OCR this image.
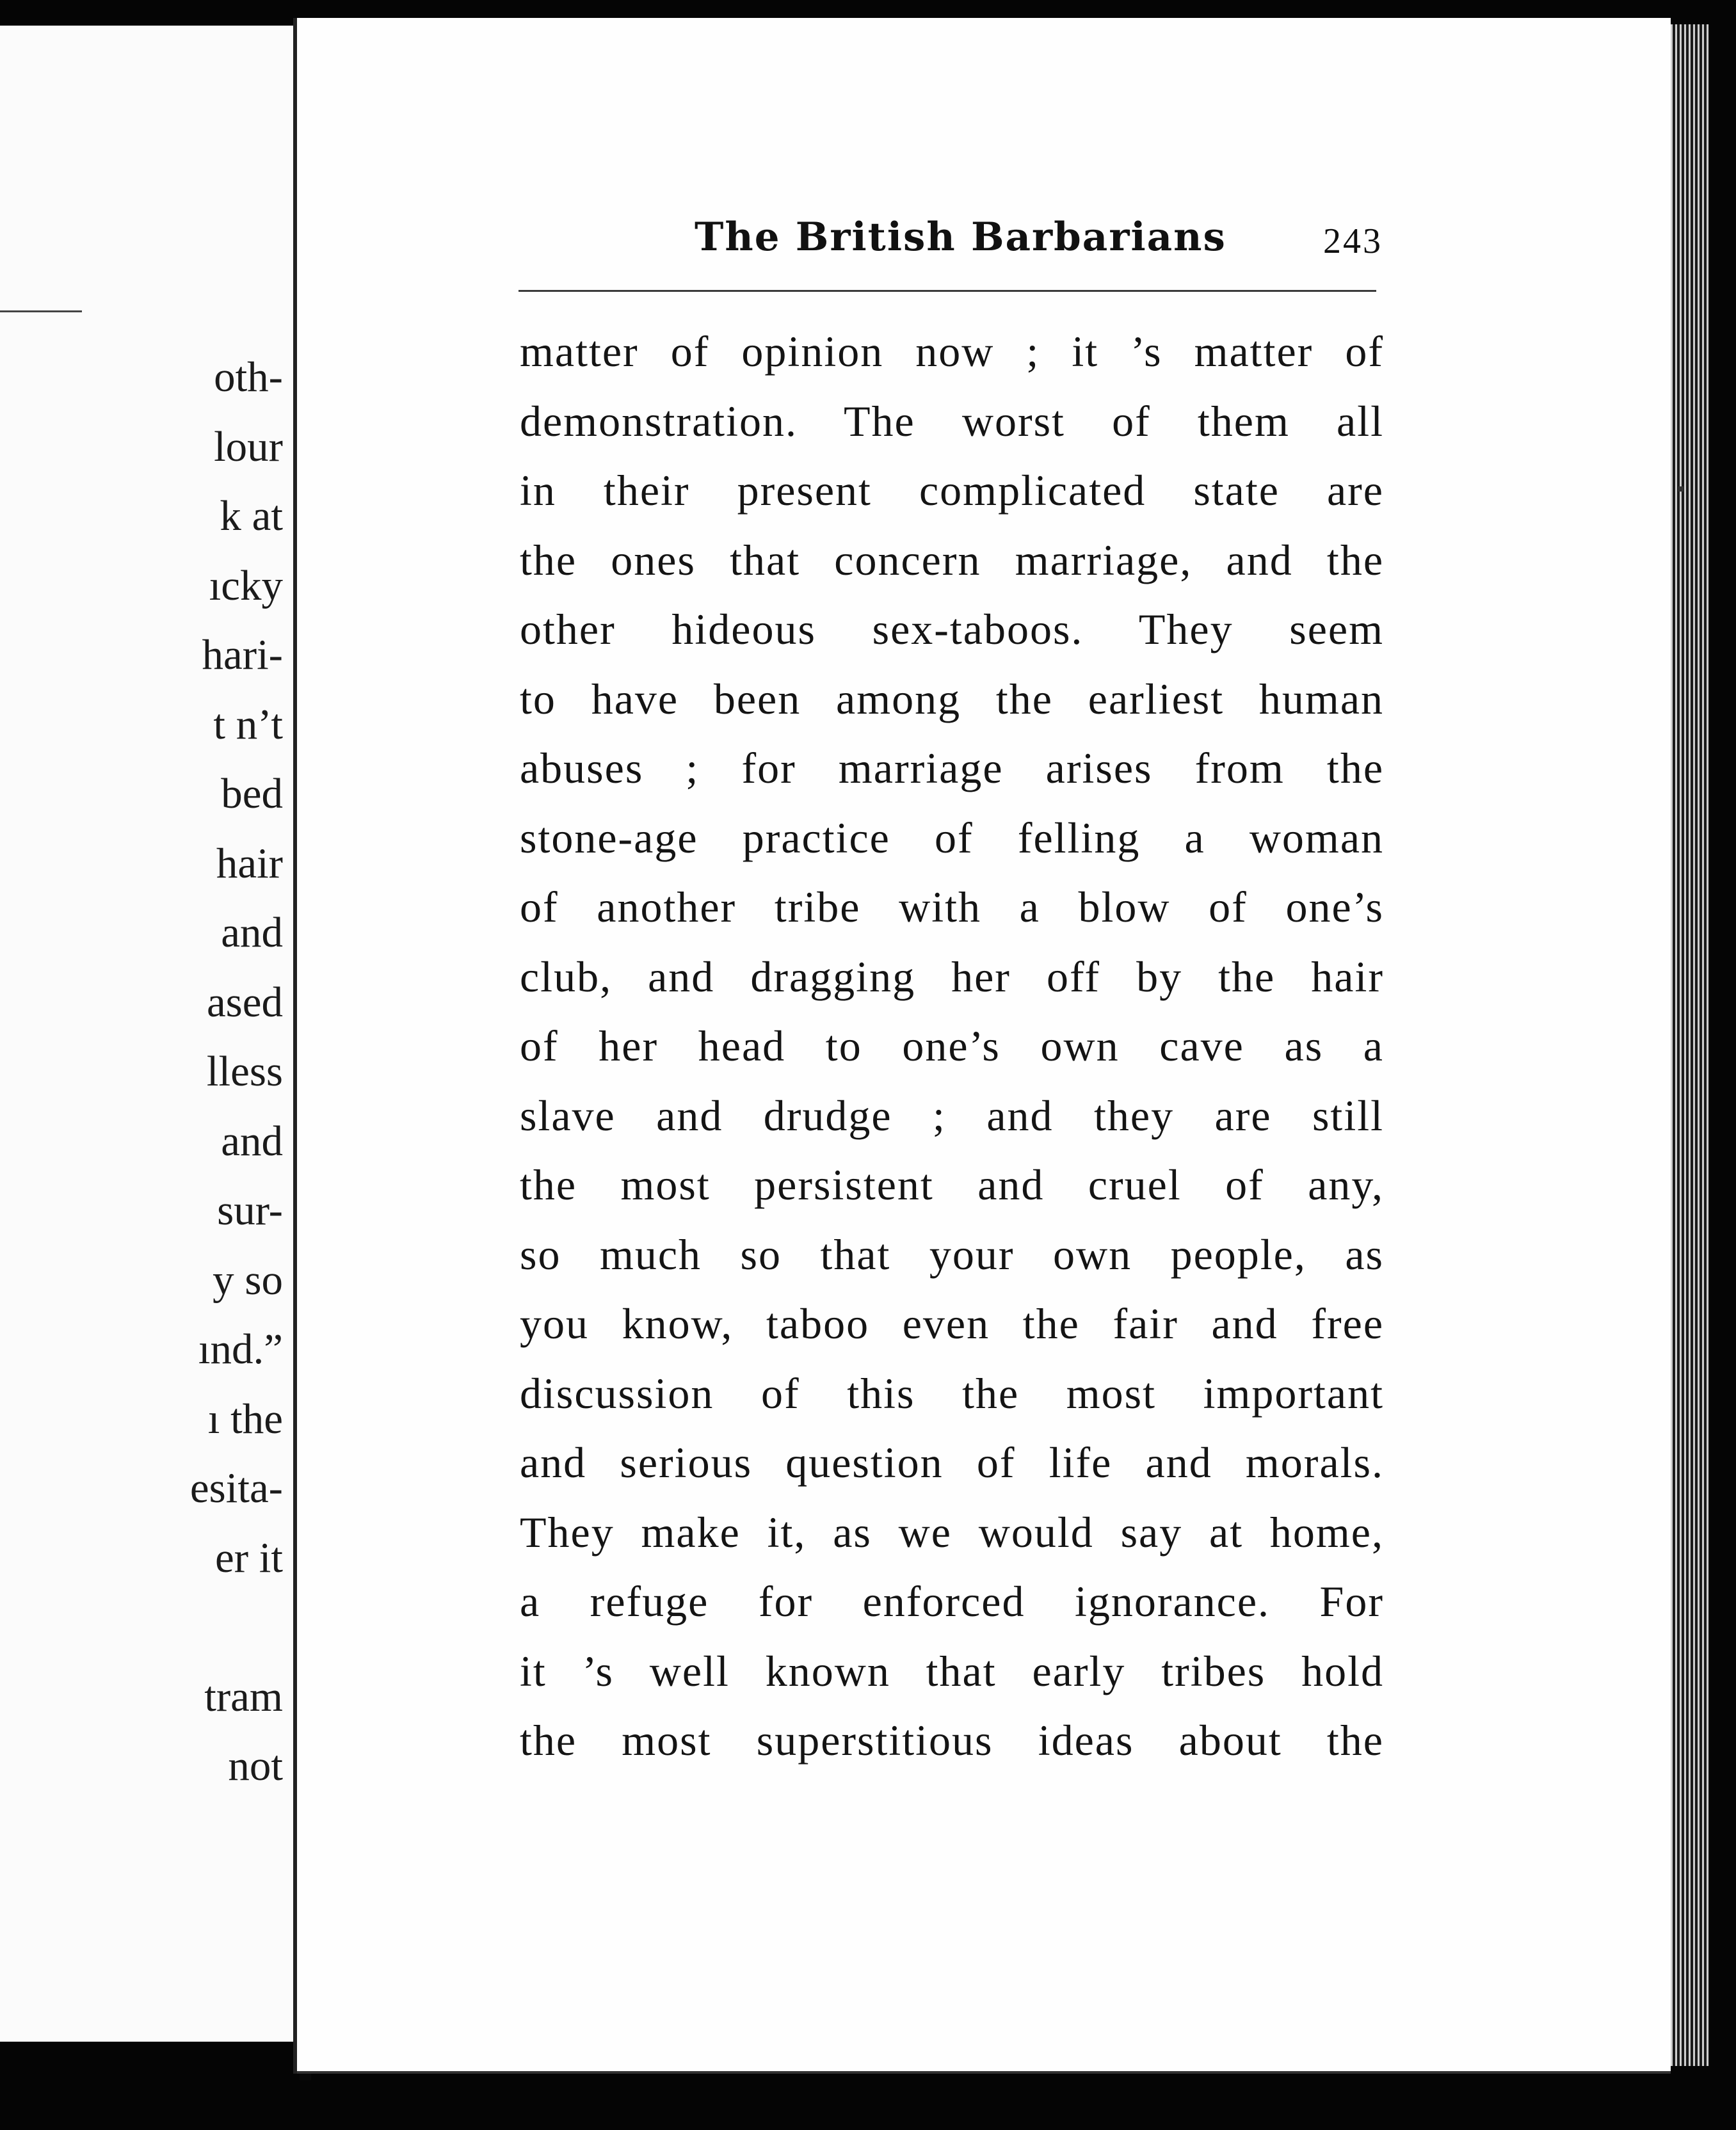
oth-
lour
k at
ıcky
hari-
t n’t
bed
hair
and
ased
lless
and
sur-
y so
ınd.”
ı the
esita-
er it
tram
not
The British Barbarians	243
matter of opinion now ; it ’s matter of
demonstration. The worst of them all
in their present complicated state are
the ones that concern marriage, and the
other hideous sex-taboos. They seem
to have been among the earliest human
abuses ; for marriage arises from the
stone-age practice of felling a woman
of another tribe with a blow of one’s
club, and dragging her off by the hair
of her head to one’s own cave as a
slave and drudge ; and they are still
the most persistent and cruel of any,
so much so that your own people, as
you know, taboo even the fair and free
discussion of this the most important
and serious question of life and morals.
They make it, as we would say at home,
a refuge for enforced ignorance. For
it ’s well known that early tribes hold
the most superstitious ideas about the
